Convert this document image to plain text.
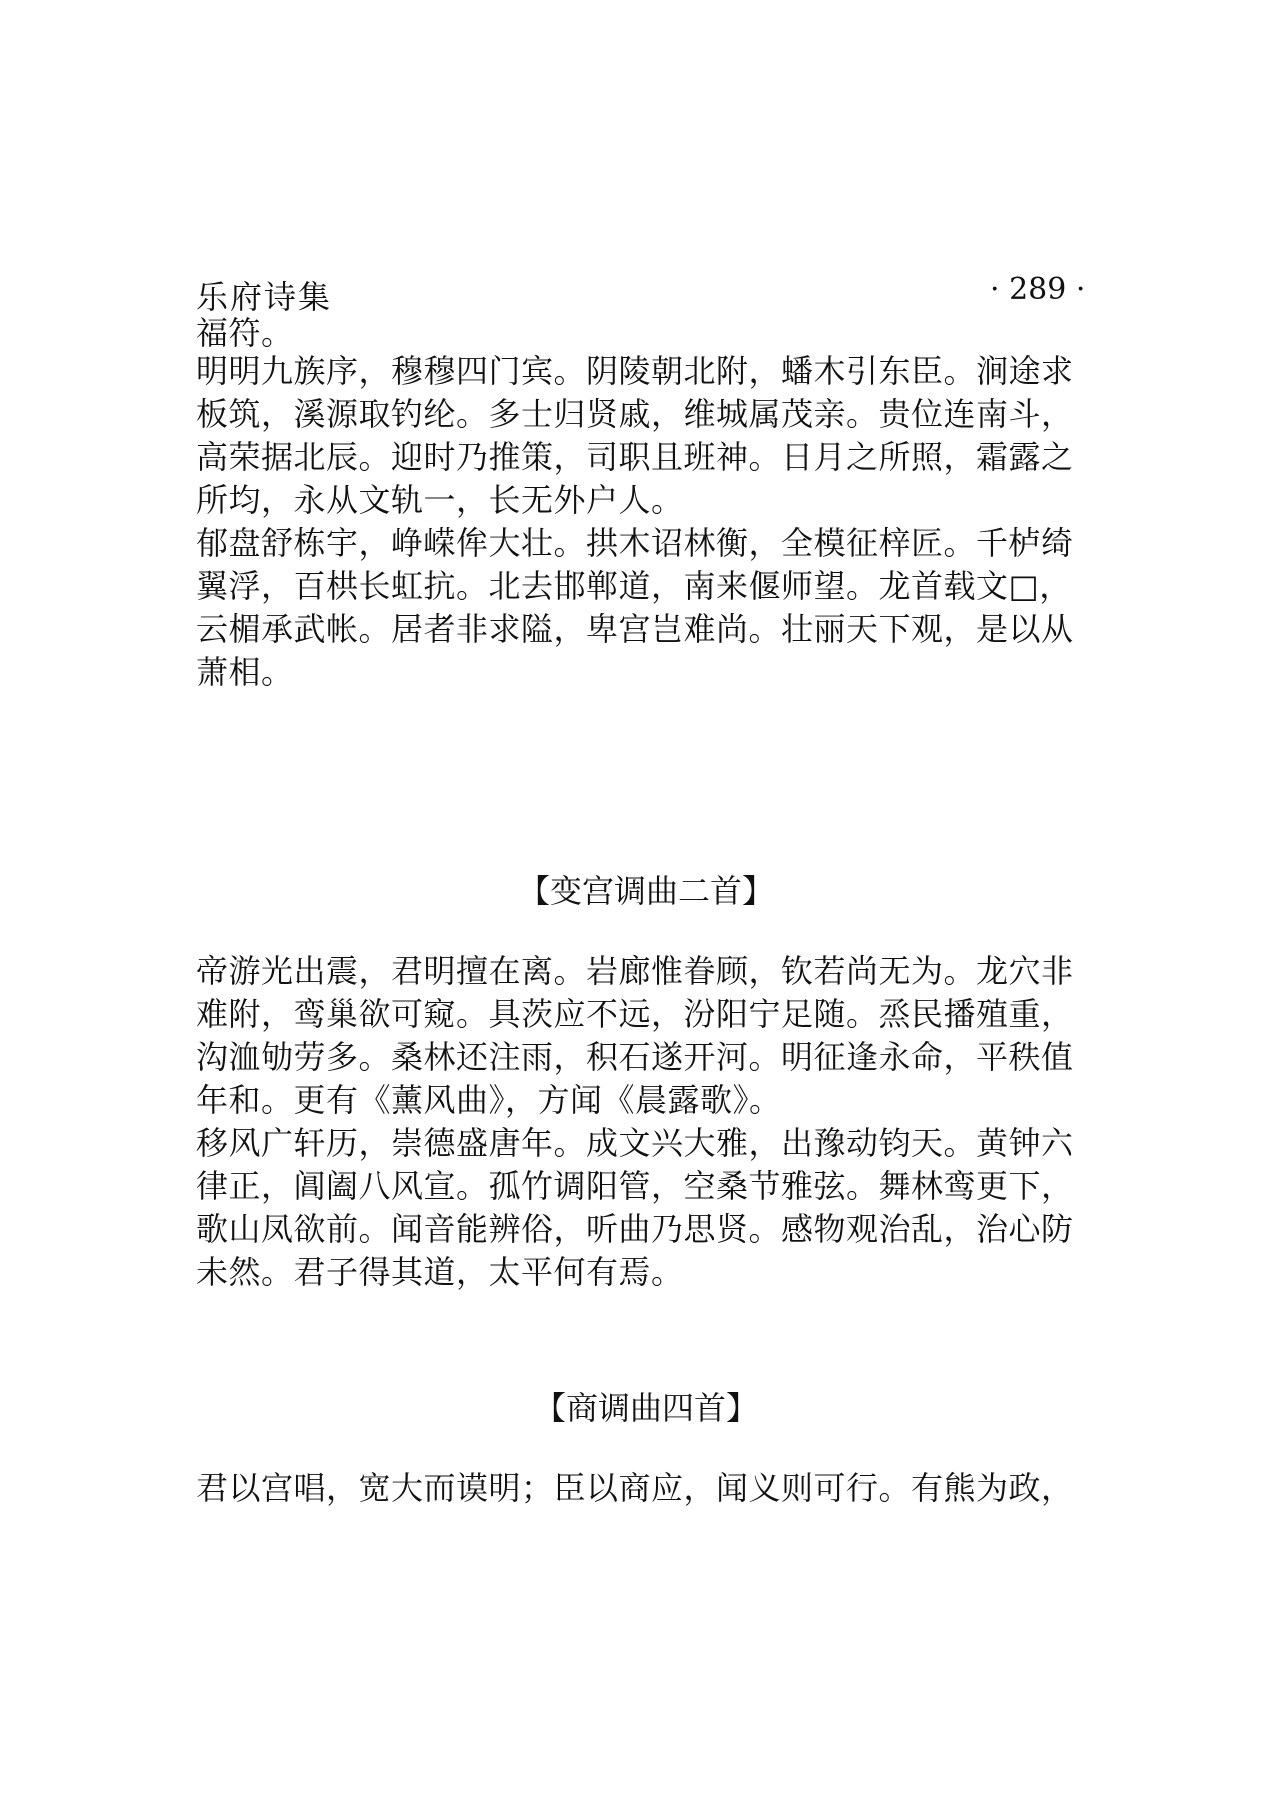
乐府诗集	· 289 ·
福符。
明明九族序，穆穆四门宾。阴陵朝北附，蟠木引东臣。涧途求
板筑，溪源取钓纶。多士归贤戚，维城属茂亲。贵位连南斗，
高荣据北辰。迎时乃推策，司职且班神。日月之所照，霜露之
所均，永从文轨一，长无外户人。
郁盘舒栋宇，峥嵘侔大壮。拱木诏林衡，全模征梓匠。千栌绮
翼浮，百栱长虹抗。北去邯郸道，南来偃师望。龙首载文□，
云楣承武帐。居者非求隘，卑宫岂难尚。壮丽天下观，是以从
萧相。
【变宫调曲二首】
帝游光出震，君明擅在离。岩廊惟眷顾，钦若尚无为。龙穴非
难附，鸾巢欲可窥。具茨应不远，汾阳宁足随。烝民播殖重，
沟洫劬劳多。桑林还注雨，积石遂开河。明征逢永命，平秩值
年和。更有《薰风曲》，方闻《晨露歌》。
移风广轩历，崇德盛唐年。成文兴大雅，出豫动钧天。黄钟六
律正，阊阖八风宣。孤竹调阳管，空桑节雅弦。舞林鸾更下，
歌山凤欲前。闻音能辨俗，听曲乃思贤。感物观治乱，治心防
未然。君子得其道，太平何有焉。
【商调曲四首】
君以宫唱，宽大而谟明；臣以商应，闻义则可行。有熊为政，
